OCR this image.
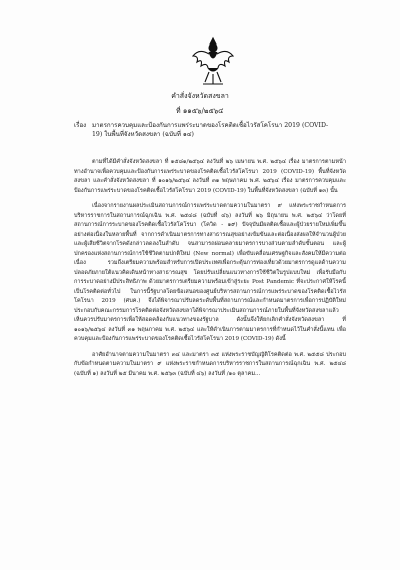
คำสั่งจังหวัดสงขลา
ที่ ๑๑๕๖/๒๕๖๔
เรื่อง มาตรการควบคุมและป้องกันการแพร่ระบาดของโรคติดเชื้อไวรัสโคโรนา 2019 (COVID-19) ในพื้นที่จังหวัดสงขลา (ฉบับที่ ๑๔)

ตามที่ได้มีคำสั่งจังหวัดสงขลา ที่ ๑๕๘๑/๒๕๖๔ ลงวันที่ ๒๖ เมษายน พ.ศ. ๒๕๖๔ เรื่อง มาตรการตามหน้าทางอำนาจเพื่อควบคุมและป้องกันการแพร่ระบาดของโรคติดเชื้อไวรัสโคโรนา 2019 (COVID-19) พื้นที่จังหวัดสงขลา และคำสั่งจังหวัดสงขลา ที่ ๑๐๑๖/๒๕๖๔ ลงวันที่ ๓๑ พฤษภาคม พ.ศ. ๒๕๖๔ เรื่อง มาตรการควบคุมและป้องกันการแพร่ระบาดของโรคติดเชื้อไวรัสโคโรนา 2019 (COVID-19) ในพื้นที่จังหวัดสงขลา (ฉบับที่ ๑๓) นั้น

เนื่องจากรายงานผลประเมินสถานการณ์การแพร่ระบาดตามความในมาตรา ๙ แห่งพระราชกำหนดการบริหารราชการในสถานการณ์ฉุกเฉิน พ.ศ. ๒๕๔๘ (ฉบับที่ ๔๖) ลงวันที่ ๒๖ มิถุนายน พ.ศ. ๒๕๖๔ ว่าโดยที่สถานการณ์การระบาดของโรคติดเชื้อไวรัสโคโรนา (โควิด - ๑๙) ปัจจุบันมีผลติดเชื้อและผู้ป่วยรายใหม่เพิ่มขึ้นอย่างต่อเนื่องในหลายพื้นที่ จากการดำเนินมาตรการทางสาธารณสุขอย่างเข้มข้นและต่อเนื่องส่งผลให้จำนวนผู้ป่วยและผู้เสียชีวิตจากโรคดังกล่าวลดลงในลำดับ จนสามารถผ่อนคลายมาตรการบางส่วนตามลำดับขั้นตอน และผู้ปกครองแห่งสถานการณ์การใช้ชีวิตตามปกติใหม่ (New normal) เพื่อขับเคลื่อนเศรษฐกิจและสังคมให้มีความต่อเนื่อง รวมถึงเตรียมความพร้อมสำหรับการเปิดประเทศเพื่อกระตุ้นการท่องเที่ยวด้วยมาตรการดูแลด้านความปลอดภัยภายใต้แนวคิดเดินหน้าทางสาธารณสุข โดยปรับเปลี่ยนแนวทางการใช้ชีวิตในรูปแบบใหม่ เพื่อรับมือกับการระบาดอย่างมีประสิทธิภาพ ด้วยมาตรการเตรียมความพร้อมเข้าสู่ระยะ Post Pandemic ที่จะประกาศให้โรคนี้เป็นโรคติดต่อทั่วไป ในการนี้รัฐบาลโดยข้อเสนอของศูนย์บริหารสถานการณ์การแพร่ระบาดของโรคติดเชื้อไวรัสโคโรนา 2019 (ศบค.) จึงได้พิจารณาปรับลดระดับพื้นที่สถานการณ์และกำหนดมาตรการเพื่อการปฏิบัติใหม่ ประกอบกับคณะกรรมการโรคติดต่อจังหวัดสงขลาได้พิจารณาประเมินสถานการณ์ภายในพื้นที่จังหวัดสงขลาแล้วเห็นควรปรับมาตรการเพื่อให้สอดคล้องกับแนวทางของรัฐบาล ดังนั้นจึงให้ยกเลิกคำสั่งจังหวัดสงขลา ที่ ๑๐๑๖/๒๕๖๔ ลงวันที่ ๓๑ พฤษภาคม พ.ศ. ๒๕๖๔ และให้ดำเนินการตามมาตรการที่กำหนดไว้ในคำสั่งนี้แทน เพื่อควบคุมและป้องกันการแพร่ระบาดของโรคติดเชื้อไวรัสโคโรนา 2019 (COVID-19) ดังนี้

อาศัยอำนาจตามความในมาตรา ๓๔ และมาตรา ๓๕ แห่งพระราชบัญญัติโรคติดต่อ พ.ศ. ๒๕๕๘ ประกอบกับข้อกำหนดตามความในมาตรา ๙ แห่งพระราชกำหนดการบริหารราชการในสถานการณ์ฉุกเฉิน พ.ศ. ๒๕๔๘ (ฉบับที่ ๑) ลงวันที่ ๒๕ มีนาคม พ.ศ. ๒๕๖๓ (ฉบับที่ ๔๖) ลงวันที่ /๑๐ ตุลาคม...
